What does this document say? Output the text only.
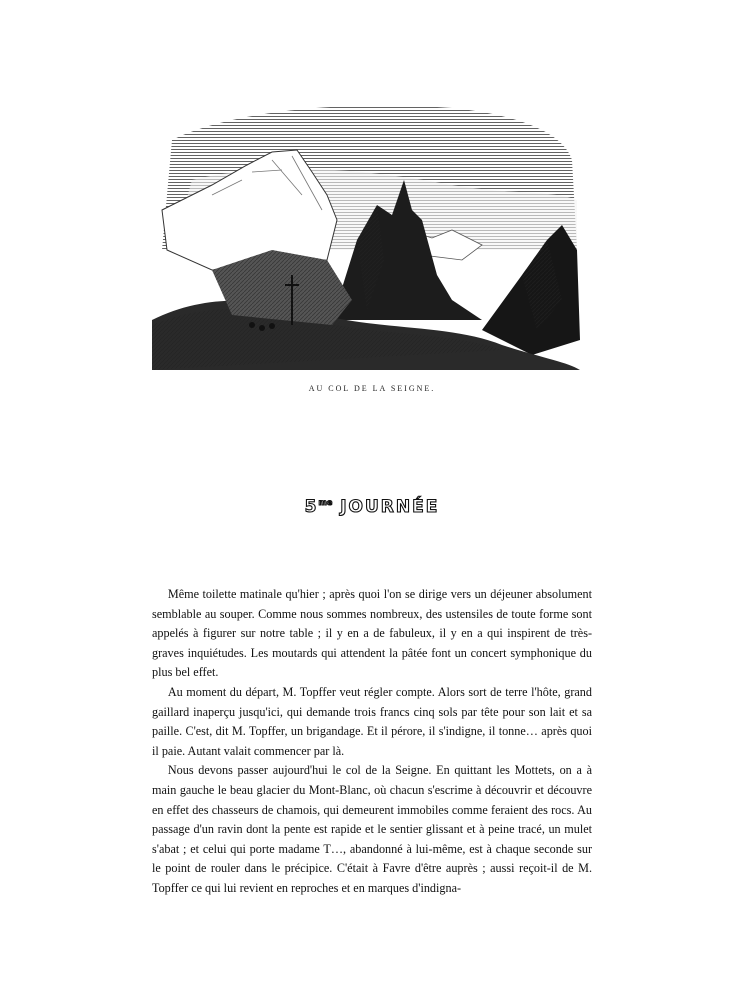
AU COL DE LA SEIGNE.
$5^{me}$ JOURNÉE

Même toilette matinale qu'hier ; après quoi l'on se dirige vers un déjeuner absolument semblable au souper. Comme nous sommes nombreux, des ustensiles de toute forme sont appelés à figurer sur notre table ; il y en a de fabuleux, il y en a qui inspirent de très-graves inquiétudes. Les moutards qui attendent la pâtée font un concert symphonique du plus bel effet.

Au moment du départ, M. Topffer veut régler compte. Alors sort de terre l'hôte, grand gaillard inaperçu jusqu'ici, qui demande trois francs cinq sols par tête pour son lait et sa paille. C'est, dit M. Topffer, un brigandage. Et il pérore, il s'indigne, il tonne… après quoi il paie. Autant valait commencer par là.

Nous devons passer aujourd'hui le col de la Seigne. En quittant les Mottets, on a à main gauche le beau glacier du Mont-Blanc, où chacun s'escrime à découvrir et découvre en effet des chasseurs de chamois, qui demeurent immobiles comme feraient des rocs. Au passage d'un ravin dont la pente est rapide et le sentier glissant et à peine tracé, un mulet s'abat ; et celui qui porte madame T…, abandonné à lui-même, est à chaque seconde sur le point de rouler dans le précipice. C'était à Favre d'être auprès ; aussi reçoit-il de M. Topffer ce qui lui revient en reproches et en marques d'indigna-
